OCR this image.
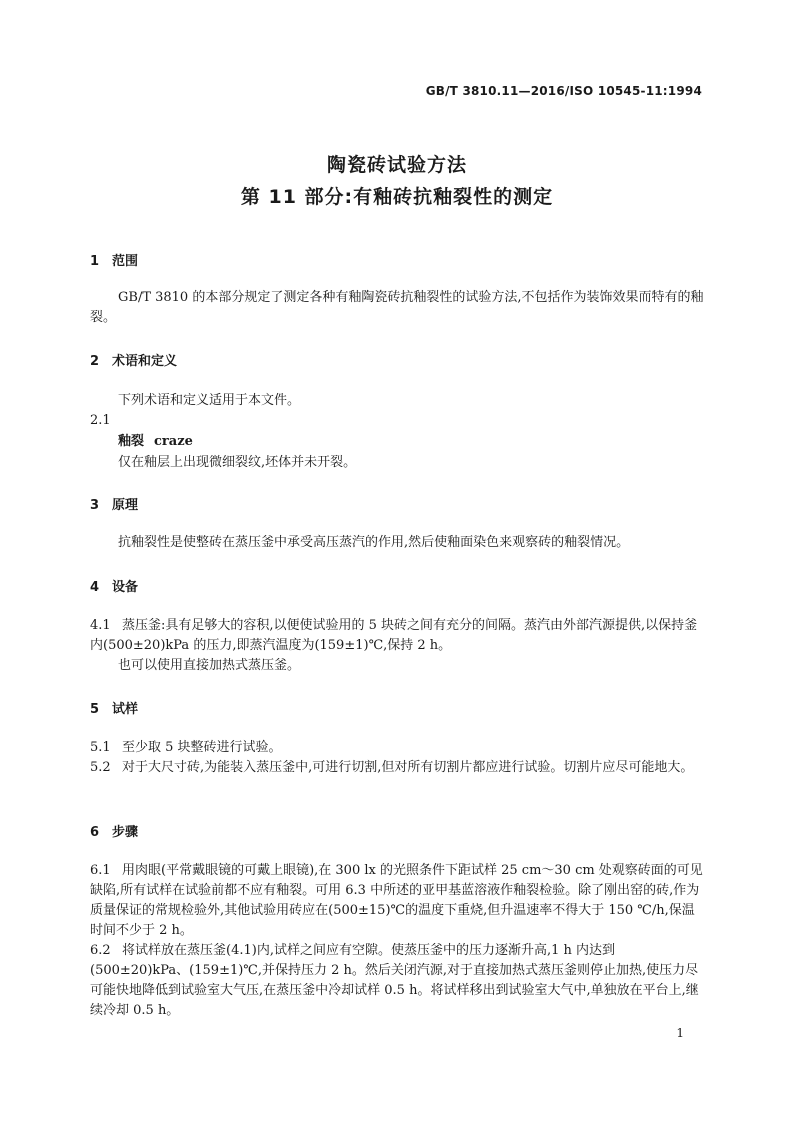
GB/T 3810.11—2016/ISO 10545-11:1994
陶瓷砖试验方法
第 11 部分:有釉砖抗釉裂性的测定
1 范围
GB/T 3810 的本部分规定了测定各种有釉陶瓷砖抗釉裂性的试验方法,不包括作为装饰效果而特有的釉裂。
2 术语和定义
下列术语和定义适用于本文件。
2.1
釉裂 craze
仅在釉层上出现微细裂纹,坯体并未开裂。
3 原理
抗釉裂性是使整砖在蒸压釜中承受高压蒸汽的作用,然后使釉面染色来观察砖的釉裂情况。
4 设备
4.1 蒸压釜:具有足够大的容积,以便使试验用的 5 块砖之间有充分的间隔。蒸汽由外部汽源提供,以保持釜内(500±20)kPa 的压力,即蒸汽温度为(159±1)℃,保持 2 h。
也可以使用直接加热式蒸压釜。
5 试样
5.1 至少取 5 块整砖进行试验。
5.2 对于大尺寸砖,为能装入蒸压釜中,可进行切割,但对所有切割片都应进行试验。切割片应尽可能地大。
6 步骤
6.1 用肉眼(平常戴眼镜的可戴上眼镜),在 300 lx 的光照条件下距试样 25 cm～30 cm 处观察砖面的可见缺陷,所有试样在试验前都不应有釉裂。可用 6.3 中所述的亚甲基蓝溶液作釉裂检验。除了刚出窑的砖,作为质量保证的常规检验外,其他试验用砖应在(500±15)℃的温度下重烧,但升温速率不得大于 150 ℃/h,保温时间不少于 2 h。
6.2 将试样放在蒸压釜(4.1)内,试样之间应有空隙。使蒸压釜中的压力逐渐升高,1 h 内达到(500±20)kPa、(159±1)℃,并保持压力 2 h。然后关闭汽源,对于直接加热式蒸压釜则停止加热,使压力尽可能快地降低到试验室大气压,在蒸压釜中冷却试样 0.5 h。将试样移出到试验室大气中,单独放在平台上,继续冷却 0.5 h。
1
